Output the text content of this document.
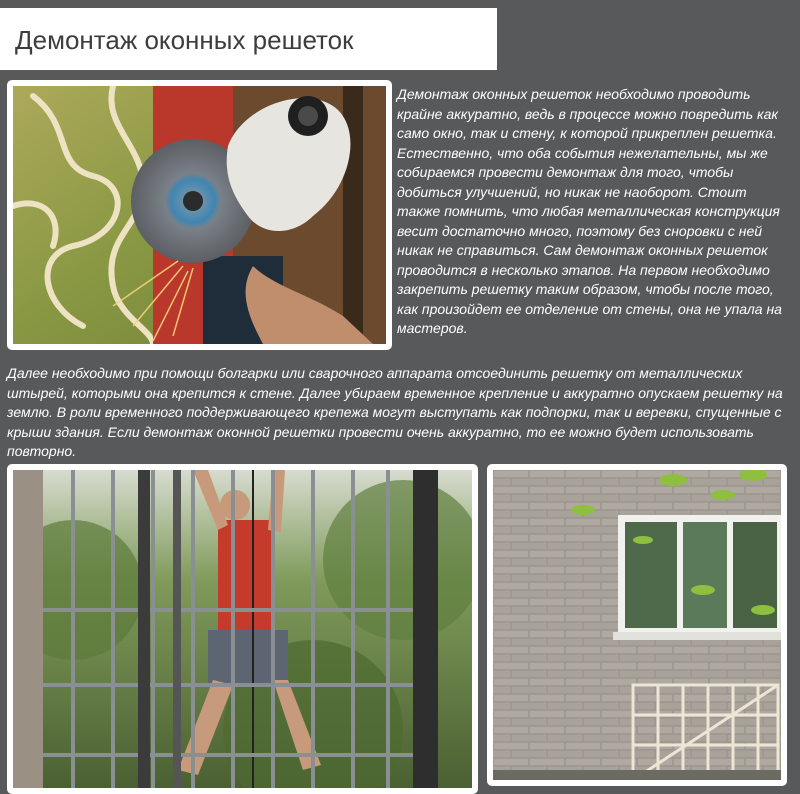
Демонтаж оконных решеток

Демонтаж оконных решеток необходимо проводить крайне аккуратно, ведь в процессе можно повредить как само окно, так и стену, к которой прикреплен решетка. Естественно, что оба события нежелательны, мы же собираемся провести демонтаж для того, чтобы добиться улучшений, но никак не наоборот. Стоит также помнить, что любая металлическая конструкция весит достаточно много, поэтому без сноровки с ней никак не справиться. Сам демонтаж оконных решеток проводится в несколько этапов. На первом необходимо закрепить решетку таким образом, чтобы после того, как произойдет ее отделение от стены, она не упала на мастеров.

Далее необходимо при помощи болгарки или сварочного аппарата отсоединить решетку от металлических штырей, которыми она крепится к стене. Далее убираем временное крепление и аккуратно опускаем решетку на землю. В роли временного поддерживающего крепежа могут выступать как подпорки, так и веревки, спущенные с крыши здания. Если демонтаж оконной решетки провести очень аккуратно, то ее можно будет использовать повторно.
